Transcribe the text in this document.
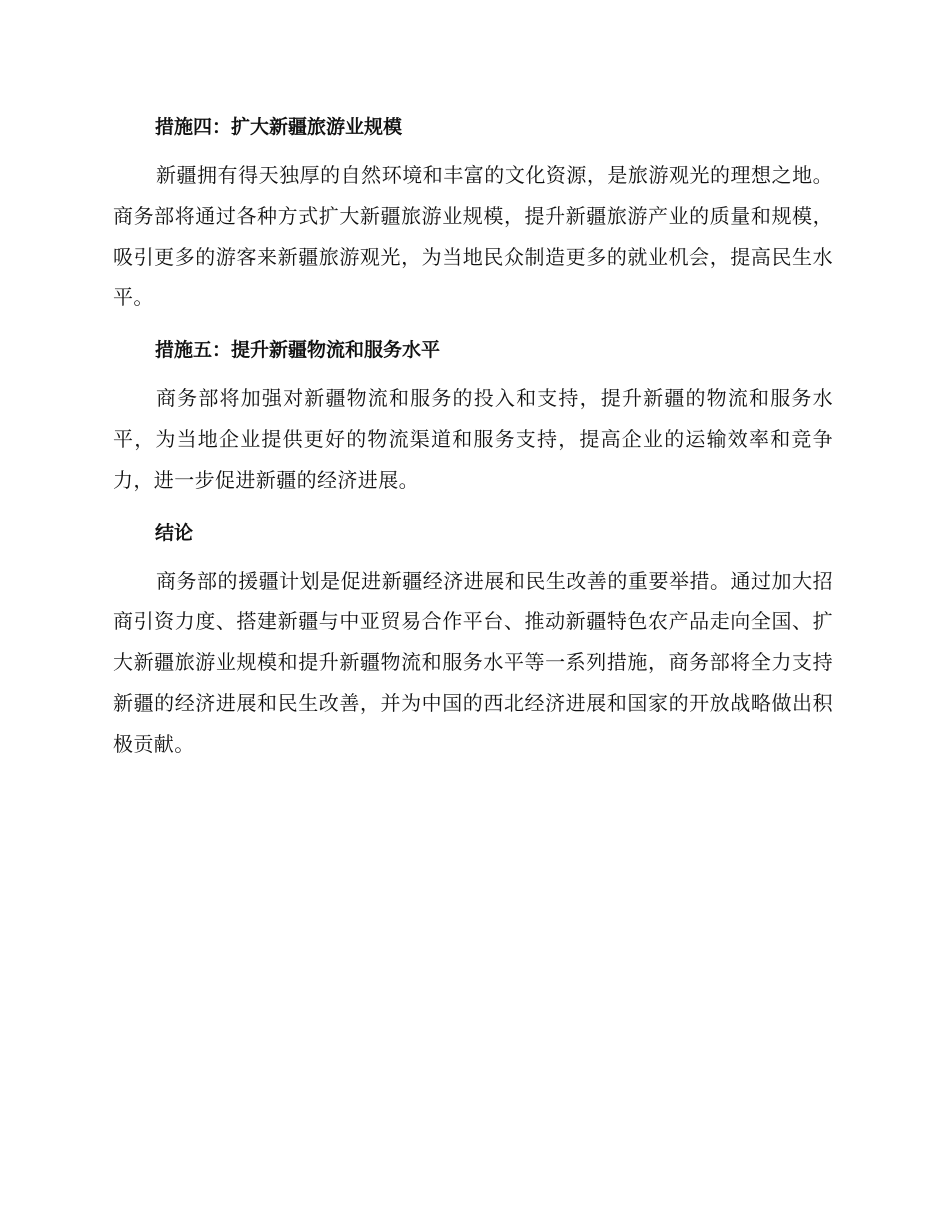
措施四：扩大新疆旅游业规模

新疆拥有得天独厚的自然环境和丰富的文化资源，是旅游观光的理想之地。商务部将通过各种方式扩大新疆旅游业规模，提升新疆旅游产业的质量和规模，吸引更多的游客来新疆旅游观光，为当地民众制造更多的就业机会，提高民生水平。

措施五：提升新疆物流和服务水平

商务部将加强对新疆物流和服务的投入和支持，提升新疆的物流和服务水平，为当地企业提供更好的物流渠道和服务支持，提高企业的运输效率和竞争力，进一步促进新疆的经济进展。

结论

商务部的援疆计划是促进新疆经济进展和民生改善的重要举措。通过加大招商引资力度、搭建新疆与中亚贸易合作平台、推动新疆特色农产品走向全国、扩大新疆旅游业规模和提升新疆物流和服务水平等一系列措施，商务部将全力支持新疆的经济进展和民生改善，并为中国的西北经济进展和国家的开放战略做出积极贡献。
